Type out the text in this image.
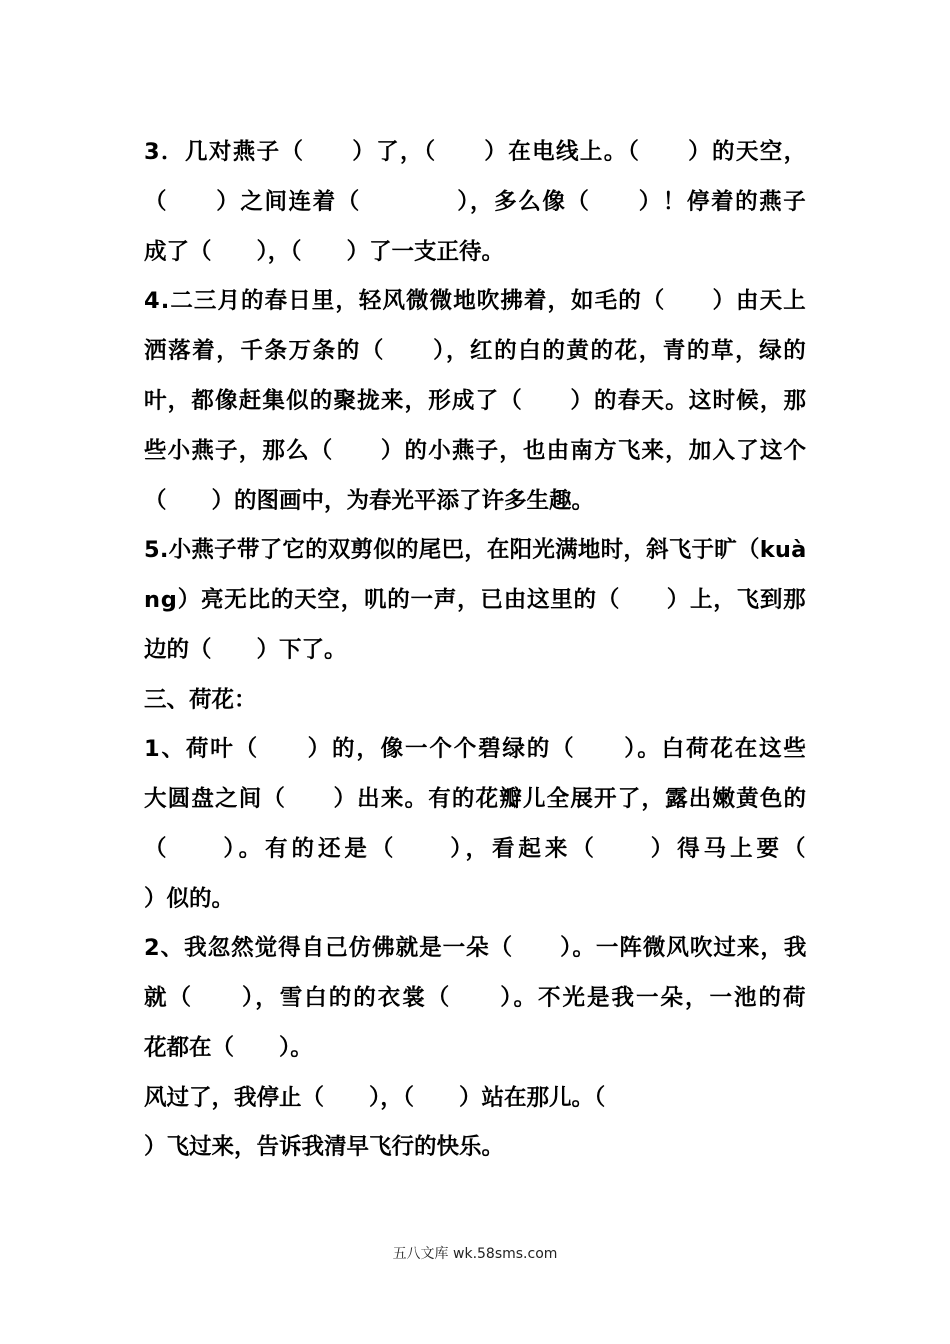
3．几对燕子（　　）了，（　　）在电线上。（　　）的天空，
（　　）之间连着（　　　　），多么像（　　）！停着的燕子
成了（　　），（　　）了一支正待。
4.二三月的春日里，轻风微微地吹拂着，如毛的（　　）由天上
洒落着，千条万条的（　　），红的白的黄的花，青的草，绿的
叶，都像赶集似的聚拢来，形成了（　　）的春天。这时候，那
些小燕子，那么（　　）的小燕子，也由南方飞来，加入了这个
（　　）的图画中，为春光平添了许多生趣。
5.小燕子带了它的双剪似的尾巴，在阳光满地时，斜飞于旷（kuà
ng）亮无比的天空，叽的一声，已由这里的（　　）上，飞到那
边的（　　）下了。
三、荷花：
1、荷叶（　　）的，像一个个碧绿的（　　）。白荷花在这些
大圆盘之间（　　）出来。有的花瓣儿全展开了，露出嫩黄色的
（　　）。有的还是（　　），看起来（　　）得马上要（
）似的。
2、我忽然觉得自己仿佛就是一朵（　　）。一阵微风吹过来，我
就（　　），雪白的的衣裳（　　）。不光是我一朵，一池的荷
花都在（　　）。
风过了，我停止（　　），（　　）站在那儿。（
）飞过来，告诉我清早飞行的快乐。
五八文库 wk.58sms.com
